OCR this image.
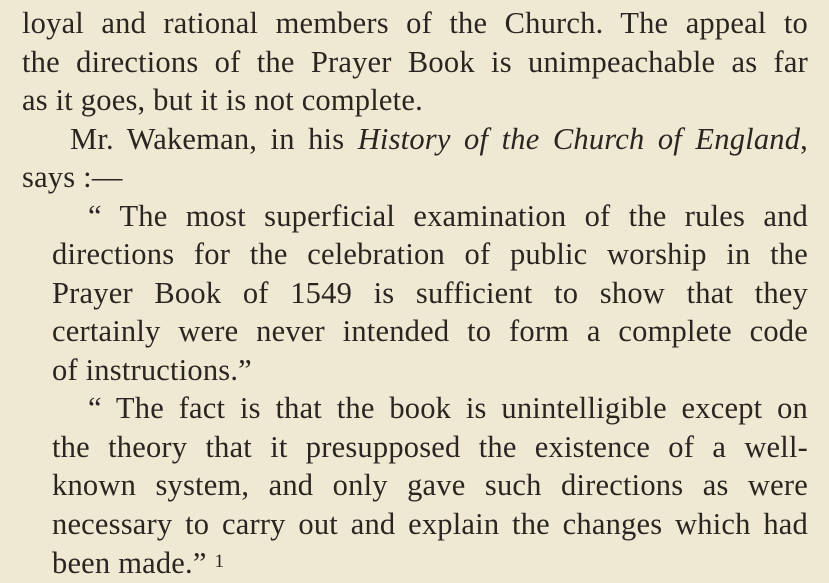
loyal and rational members of the Church. The appeal to
the directions of the Prayer Book is unimpeachable as far
as it goes, but it is not complete.
Mr. Wakeman, in his History of the Church of England,
says :—
“ The most superficial examination of the rules and
directions for the celebration of public worship in the
Prayer Book of 1549 is sufficient to show that they
certainly were never intended to form a complete code
of instructions.”
“ The fact is that the book is unintelligible except on
the theory that it presupposed the existence of a well-
known system, and only gave such directions as were
necessary to carry out and explain the changes which had
been made.” $^1$
